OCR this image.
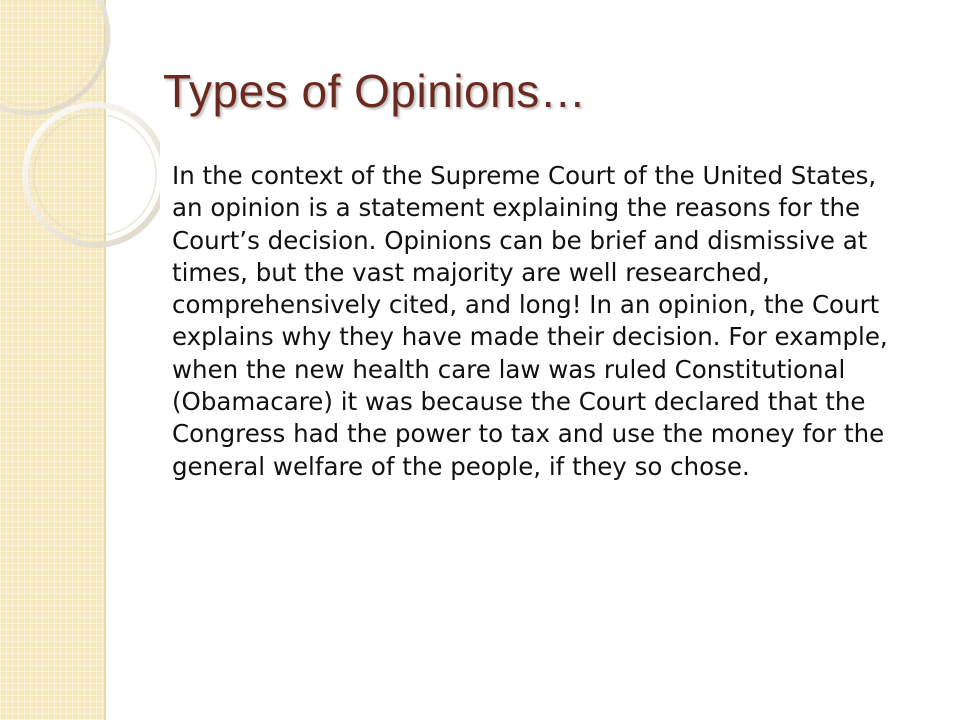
Types of Opinions…

In the context of the Supreme Court of the United States, an opinion is a statement explaining the reasons for the Court’s decision. Opinions can be brief and dismissive at times, but the vast majority are well researched, comprehensively cited, and long! In an opinion, the Court explains why they have made their decision. For example, when the new health care law was ruled Constitutional (Obamacare) it was because the Court declared that the Congress had the power to tax and use the money for the general welfare of the people, if they so chose.
